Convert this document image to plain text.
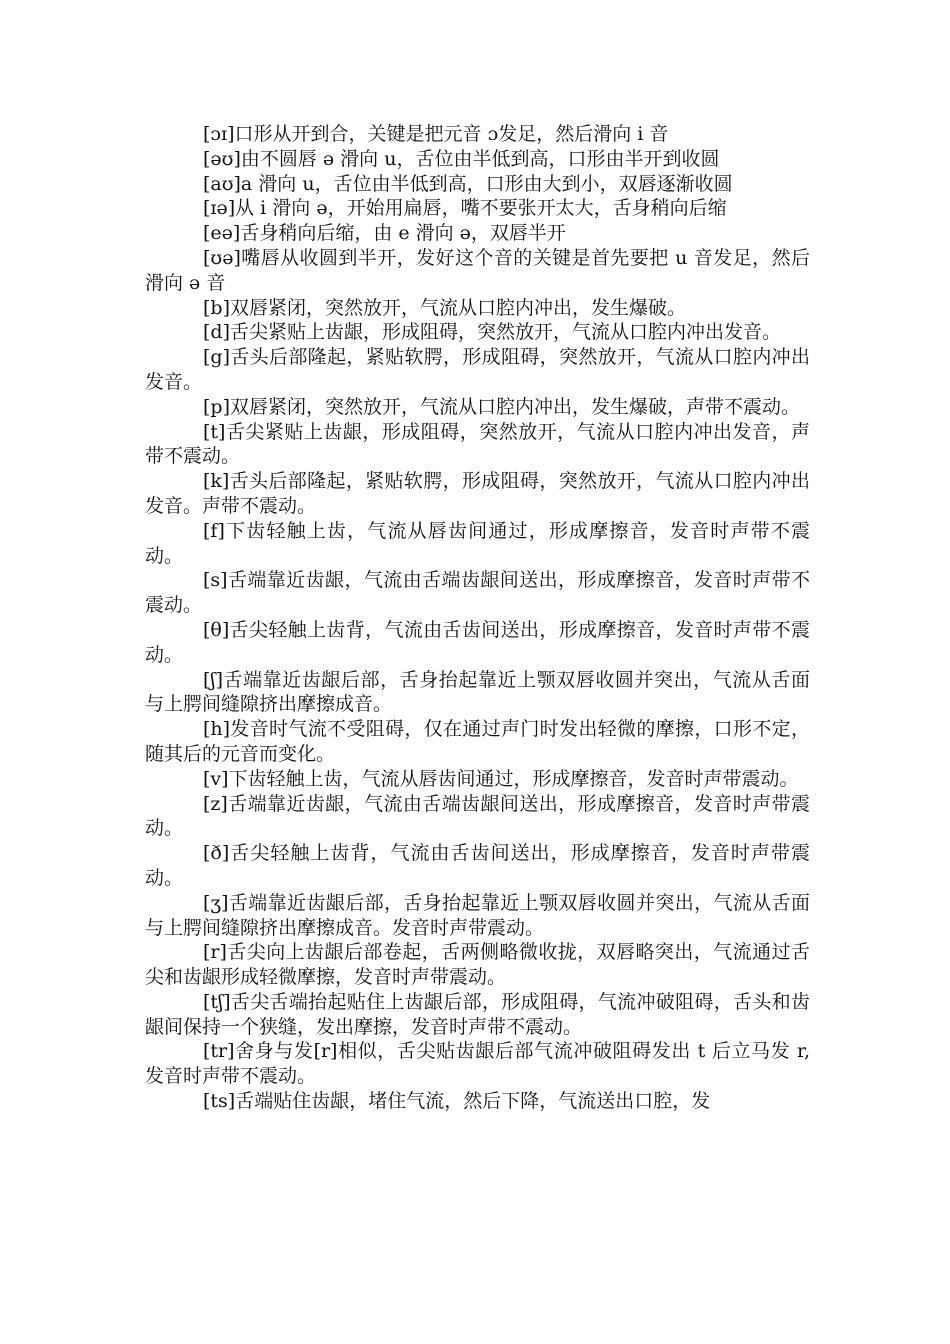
[ɔɪ]口形从开到合，关键是把元音 ɔ发足，然后滑向 i 音

[əʊ]由不圆唇 ə 滑向 u，舌位由半低到高，口形由半开到收圆

[aʊ]a 滑向 u，舌位由半低到高，口形由大到小，双唇逐渐收圆

[ɪə]从 i 滑向 ə，开始用扁唇，嘴不要张开太大，舌身稍向后缩

[eə]舌身稍向后缩，由 e 滑向 ə，双唇半开

[ʊə]嘴唇从收圆到半开，发好这个音的关键是首先要把 u 音发足，然后滑向 ə 音

[b]双唇紧闭，突然放开，气流从口腔内冲出，发生爆破。

[d]舌尖紧贴上齿龈，形成阻碍，突然放开，气流从口腔内冲出发音。

[g]舌头后部隆起，紧贴软腭，形成阻碍，突然放开，气流从口腔内冲出发音。

[p]双唇紧闭，突然放开，气流从口腔内冲出，发生爆破，声带不震动。

[t]舌尖紧贴上齿龈，形成阻碍，突然放开，气流从口腔内冲出发音，声带不震动。

[k]舌头后部隆起，紧贴软腭，形成阻碍，突然放开，气流从口腔内冲出发音。声带不震动。

[f]下齿轻触上齿，气流从唇齿间通过，形成摩擦音，发音时声带不震动。

[s]舌端靠近齿龈，气流由舌端齿龈间送出，形成摩擦音，发音时声带不震动。

[θ]舌尖轻触上齿背，气流由舌齿间送出，形成摩擦音，发音时声带不震动。

[ʃ]舌端靠近齿龈后部，舌身抬起靠近上颚双唇收圆并突出，气流从舌面与上腭间缝隙挤出摩擦成音。

[h]发音时气流不受阻碍，仅在通过声门时发出轻微的摩擦，口形不定，随其后的元音而变化。

[v]下齿轻触上齿，气流从唇齿间通过，形成摩擦音，发音时声带震动。

[z]舌端靠近齿龈，气流由舌端齿龈间送出，形成摩擦音，发音时声带震动。

[ð]舌尖轻触上齿背，气流由舌齿间送出，形成摩擦音，发音时声带震动。

[ʒ]舌端靠近齿龈后部，舌身抬起靠近上颚双唇收圆并突出，气流从舌面与上腭间缝隙挤出摩擦成音。发音时声带震动。

[r]舌尖向上齿龈后部卷起，舌两侧略微收拢，双唇略突出，气流通过舌尖和齿龈形成轻微摩擦，发音时声带震动。

[tʃ]舌尖舌端抬起贴住上齿龈后部，形成阻碍，气流冲破阻碍，舌头和齿龈间保持一个狭缝，发出摩擦，发音时声带不震动。

[tr]舍身与发[r]相似，舌尖贴齿龈后部气流冲破阻碍发出 t 后立马发 r,发音时声带不震动。

[ts]舌端贴住齿龈，堵住气流，然后下降，气流送出口腔，发
